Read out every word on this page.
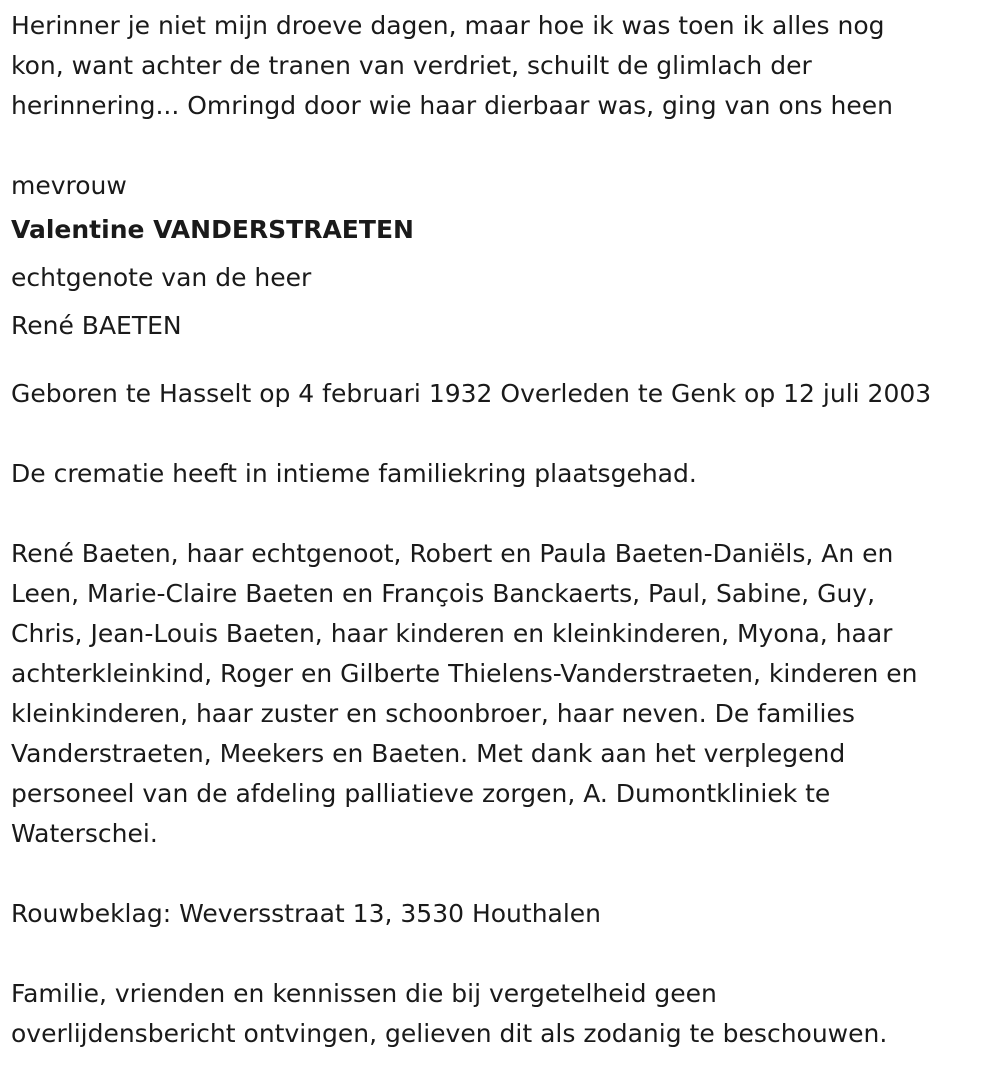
Herinner je niet mijn droeve dagen, maar hoe ik was toen ik alles nog
kon, want achter de tranen van verdriet, schuilt de glimlach der
herinnering... Omringd door wie haar dierbaar was, ging van ons heen
mevrouw
Valentine VANDERSTRAETEN
echtgenote van de heer
René BAETEN
Geboren te Hasselt op 4 februari 1932 Overleden te Genk op 12 juli 2003
De crematie heeft in intieme familiekring plaatsgehad.
René Baeten, haar echtgenoot, Robert en Paula Baeten-Daniëls, An en
Leen, Marie-Claire Baeten en François Banckaerts, Paul, Sabine, Guy,
Chris, Jean-Louis Baeten, haar kinderen en kleinkinderen, Myona, haar
achterkleinkind, Roger en Gilberte Thielens-Vanderstraeten, kinderen en
kleinkinderen, haar zuster en schoonbroer, haar neven. De families
Vanderstraeten, Meekers en Baeten. Met dank aan het verplegend
personeel van de afdeling palliatieve zorgen, A. Dumontkliniek te
Waterschei.
Rouwbeklag: Weversstraat 13, 3530 Houthalen
Familie, vrienden en kennissen die bij vergetelheid geen
overlijdensbericht ontvingen, gelieven dit als zodanig te beschouwen.
